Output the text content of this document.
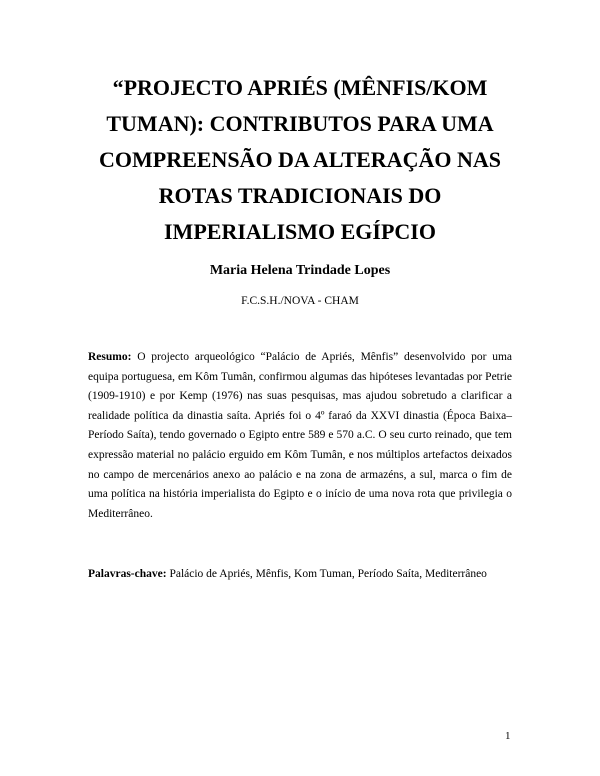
“PROJECTO APRIÉS (MÊNFIS/KOM TUMAN): CONTRIBUTOS PARA UMA COMPREENSÃO DA ALTERAÇÃO NAS ROTAS TRADICIONAIS DO IMPERIALISMO EGÍPCIO
Maria Helena Trindade Lopes
F.C.S.H./NOVA - CHAM

Resumo: O projecto arqueológico “Palácio de Apriés, Mênfis” desenvolvido por uma equipa portuguesa, em Kôm Tumân, confirmou algumas das hipóteses levantadas por Petrie (1909-1910) e por Kemp (1976) nas suas pesquisas, mas ajudou sobretudo a clarificar a realidade política da dinastia saíta. Apriés foi o 4º faraó da XXVI dinastia (Época Baixa–Período Saíta), tendo governado o Egipto entre 589 e 570 a.C. O seu curto reinado, que tem expressão material no palácio erguido em Kôm Tumân, e nos múltiplos artefactos deixados no campo de mercenários anexo ao palácio e na zona de armazéns, a sul, marca o fim de uma política na história imperialista do Egipto e o início de uma nova rota que privilegia o Mediterrâneo.

Palavras-chave: Palácio de Apriés, Mênfis, Kom Tuman, Período Saíta, Mediterrâneo

1
